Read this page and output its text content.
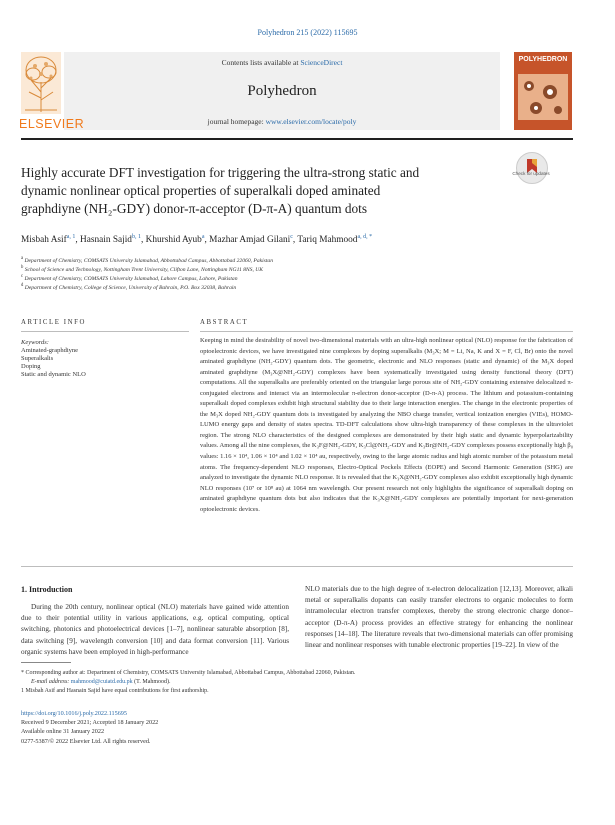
Polyhedron 215 (2022) 115695
Contents lists available at ScienceDirect
Polyhedron
journal homepage: www.elsevier.com/locate/poly
ELSEVIER
POLYHEDRON
Highly accurate DFT investigation for triggering the ultra-strong static and
dynamic nonlinear optical properties of superalkali doped aminated
graphdiyne (NH₂-GDY) donor-π-acceptor (D-π-A) quantum dots
Check for updates
Misbah Asif$^{a, 1}$, Hasnain Sajid$^{b, 1}$, Khurshid Ayub$^a$, Mazhar Amjad Gilani$^c$, Tariq Mahmood$^{a, d, *}$
$^a$ Department of Chemistry, COMSATS University Islamabad, Abbottabad Campus, Abbottabad 22060, Pakistan
$^b$ School of Science and Technology, Nottingham Trent University, Clifton Lane, Nottingham NG11 8NS, UK
$^c$ Department of Chemistry, COMSATS University Islamabad, Lahore Campus, Lahore, Pakistan
$^d$ Department of Chemistry, College of Science, University of Bahrain, P.O. Box 32038, Bahrain
ARTICLE INFO
Keywords:
Aminated-graphdiyne
Superalkalis
Doping
Static and dynamic NLO
ABSTRACT

Keeping in mind the desirability of novel two-dimensional materials with an ultra-high nonlinear optical (NLO) response for the fabrication of optoelectronic devices, we have investigated nine complexes by doping superalkalis (M₃X; M = Li, Na, K and X = F, Cl, Br) onto the novel aminated graphdiyne (NH₂-GDY) quantum dots. The geometric, electronic and NLO responses (static and dynamic) of the M₃X doped aminated graphdiyne (M₃X@NH₂-GDY) complexes have been systematically investigated using density functional theory (DFT) computations. All the superalkalis are preferably oriented on the triangular large porous site of NH₂-GDY containing extensive delocalized π-conjugated electrons and interact via an intermolecular π-electron donor-acceptor (D-π-A) process. The lithium and potassium-containing superalkali doped complexes exhibit high structural stability due to their large interaction energies. The change in the electronic properties of the M₃X doped NH₂-GDY quantum dots is investigated by analyzing the NBO charge transfer, vertical ionization energies (VIEs), HOMO-LUMO energy gaps and density of states spectra. TD-DFT calculations show ultra-high transparency of these complexes in the ultraviolet region. The strong NLO characteristics of the designed complexes are demonstrated by their high static and dynamic hyperpolarizability values. Among all the nine complexes, the K₃F@NH₂-GDY, K₃Cl@NH₂-GDY and K₃Br@NH₂-GDY complexes possess exceptionally high β₀ values: 1.16 × 10⁴, 1.06 × 10⁴ and 1.02 × 10⁴ au, respectively, owing to the large atomic radius and high atomic number of the potassium metal atoms. The frequency-dependent NLO responses, Electro-Optical Pockels Effects (EOPE) and Second Harmonic Generation (SHG) are analyzed to investigate the dynamic NLO response. It is revealed that the K₃X@NH₂-GDY complexes also exhibit exceptionally high dynamic NLO responses (10⁷ or 10⁸ au) at 1064 nm wavelength. Our present research not only highlights the significance of superalkali doping on aminated graphdiyne quantum dots but also indicates that the K₃X@NH₂-GDY complexes are potentially important for next-generation optoelectronic devices.

1. Introduction

During the 20th century, nonlinear optical (NLO) materials have gained wide attention due to their potential utility in various applications, e.g. optical computing, optical switching, photonics and photoelectrical devices [1–7], nonlinear saturable absorption [8], data switching [9], wavelength conversion [10] and data format conversion [11]. Various organic systems have been employed in high-performance

NLO materials due to the high degree of π-electron delocalization [12,13]. Moreover, alkali metal or superalkalis dopants can easily transfer electrons to organic molecules to form intramolecular electron transfer complexes, thereby the strong electronic charge donor–acceptor (D-π-A) process provides an effective strategy for enhancing the nonlinear responses [14–18]. The literature reveals that two-dimensional materials can offer promising linear and nonlinear responses with tunable electronic properties [19–22]. In view of the

* Corresponding author at: Department of Chemistry, COMSATS University Islamabad, Abbottabad Campus, Abbottabad 22060, Pakistan.
E-mail address: mahmood@cuiatd.edu.pk (T. Mahmood).
1 Misbah Asif and Hasnain Sajid have equal contributions for first authorship.
https://doi.org/10.1016/j.poly.2022.115695
Received 9 December 2021; Accepted 18 January 2022
Available online 31 January 2022
0277-5387/© 2022 Elsevier Ltd. All rights reserved.
